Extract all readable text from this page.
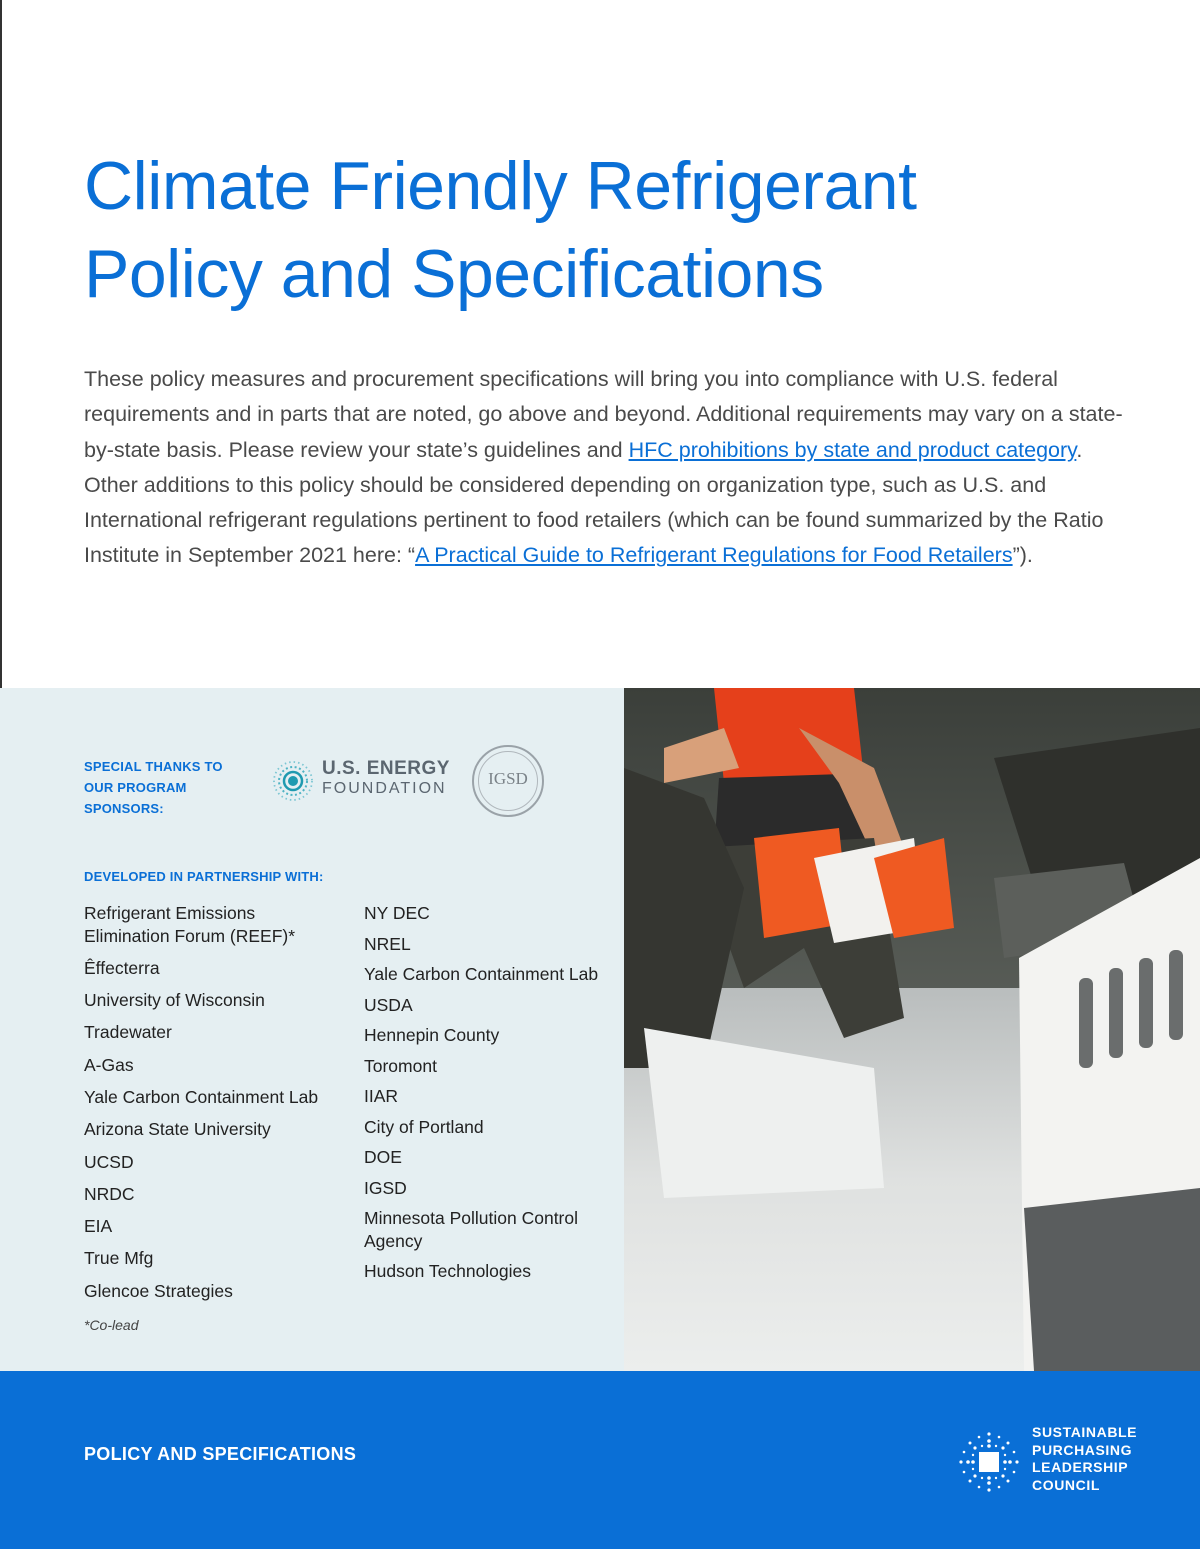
Climate Friendly Refrigerant
Policy and Specifications

These policy measures and procurement specifications will bring you into compliance with U.S. federal requirements and in parts that are noted, go above and beyond. Additional requirements may vary on a state-by-state basis. Please review your state’s guidelines and HFC prohibitions by state and product category. Other additions to this policy should be considered depending on organization type, such as U.S. and International refrigerant regulations pertinent to food retailers (which can be found summarized by the Ratio Institute in September 2021 here: “A Practical Guide to Refrigerant Regulations for Food Retailers”).

SPECIAL THANKS TO OUR PROGRAM SPONSORS:
U.S. ENERGY
FOUNDATION
IGSD
DEVELOPED IN PARTNERSHIP WITH:

Refrigerant Emissions Elimination Forum (REEF)*

Êffecterra

University of Wisconsin

Tradewater

A-Gas

Yale Carbon Containment Lab

Arizona State University

UCSD

NRDC

EIA

True Mfg

Glencoe Strategies

NY DEC

NREL

Yale Carbon Containment Lab

USDA

Hennepin County

Toromont

IIAR

City of Portland

DOE

IGSD

Minnesota Pollution Control Agency

Hudson Technologies

*Co-lead
POLICY AND SPECIFICATIONS
SUSTAINABLE
PURCHASING
LEADERSHIP
COUNCIL
